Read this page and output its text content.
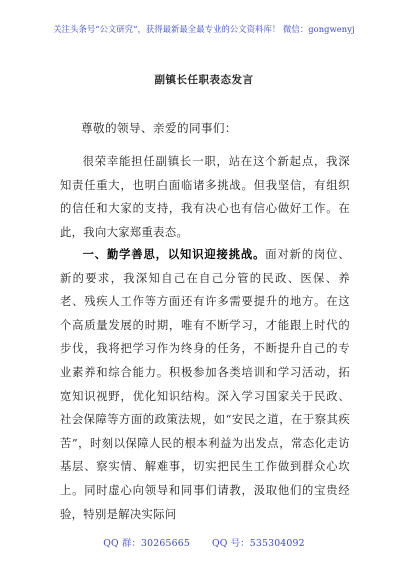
关注头条号“公文研究”，获得最新最全最专业的公文资料库！ 微信：gongwenyj
副镇长任职表态发言
尊敬的领导、亲爱的同事们：

很荣幸能担任副镇长一职，站在这个新起点，我深知责任重大，也明白面临诸多挑战。但我坚信，有组织的信任和大家的支持，我有决心也有信心做好工作。在此，我向大家郑重表态。

一、勤学善思，以知识迎接挑战。面对新的岗位、新的要求，我深知自己在自己分管的民政、医保、养老、残疾人工作等方面还有许多需要提升的地方。在这个高质量发展的时期，唯有不断学习，才能跟上时代的步伐，我将把学习作为终身的任务，不断提升自己的专业素养和综合能力。积极参加各类培训和学习活动，拓宽知识视野，优化知识结构。深入学习国家关于民政、社会保障等方面的政策法规，如“安民之道，在于察其疾苦”，时刻以保障人民的根本利益为出发点，常态化走访基层、察实情、解难事，切实把民生工作做到群众心坎上。同时虚心向领导和同事们请教，汲取他们的宝贵经验，特别是解决实际问

QQ 群：30265665 QQ 号：535304092
